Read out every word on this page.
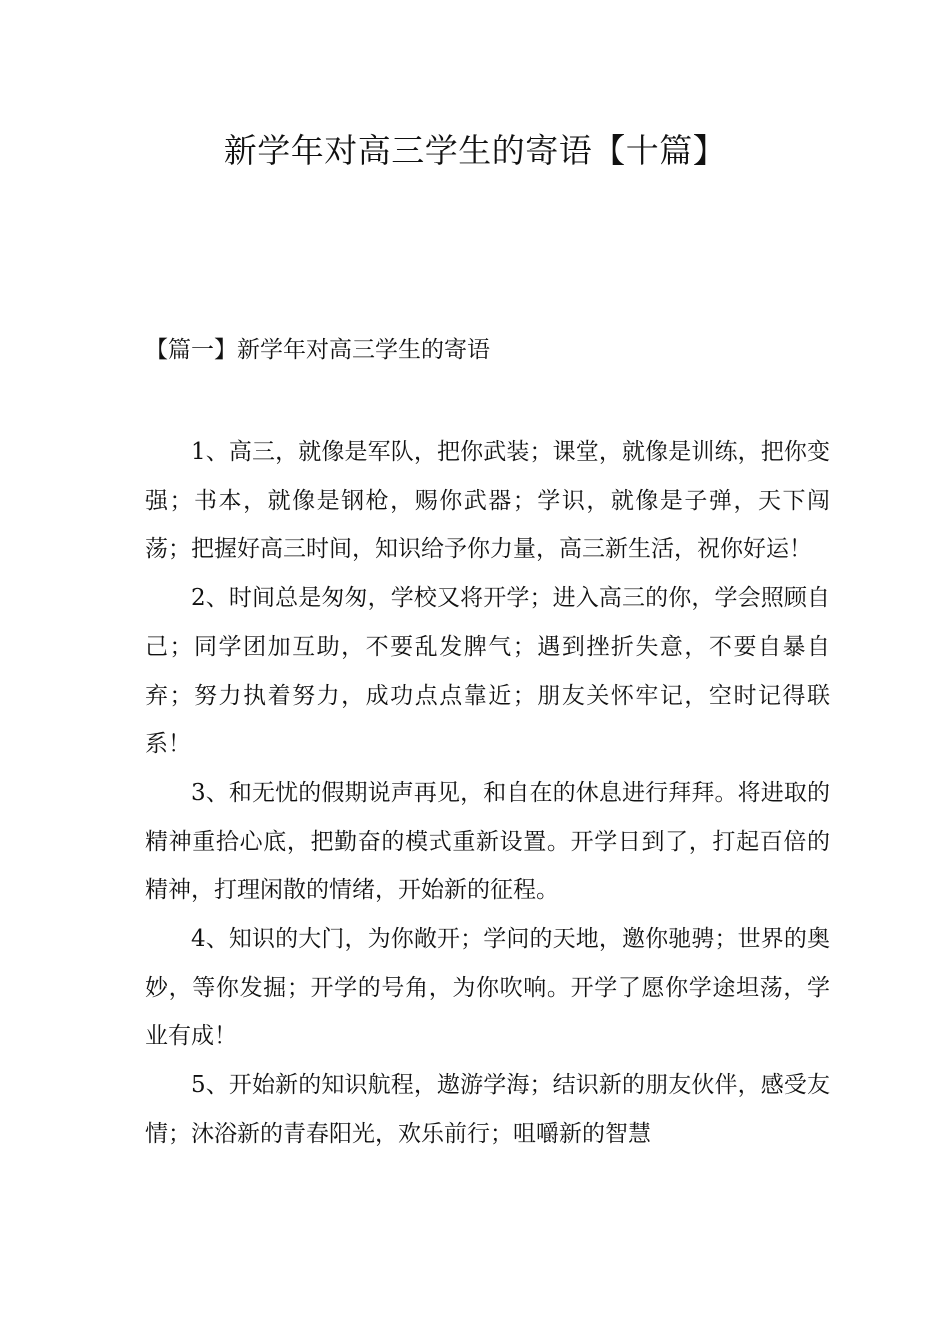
新学年对高三学生的寄语【十篇】
【篇一】新学年对高三学生的寄语

1、高三，就像是军队，把你武装；课堂，就像是训练，把你变强；书本，就像是钢枪，赐你武器；学识，就像是子弹，天下闯荡；把握好高三时间，知识给予你力量，高三新生活，祝你好运！

2、时间总是匆匆，学校又将开学；进入高三的你，学会照顾自己；同学团加互助，不要乱发脾气；遇到挫折失意，不要自暴自弃；努力执着努力，成功点点靠近；朋友关怀牢记，空时记得联系！

3、和无忧的假期说声再见，和自在的休息进行拜拜。将进取的精神重拾心底，把勤奋的模式重新设置。开学日到了，打起百倍的精神，打理闲散的情绪，开始新的征程。

4、知识的大门，为你敞开；学问的天地，邀你驰骋；世界的奥妙，等你发掘；开学的号角，为你吹响。开学了愿你学途坦荡，学业有成！

5、开始新的知识航程，遨游学海；结识新的朋友伙伴，感受友情；沐浴新的青春阳光，欢乐前行；咀嚼新的智慧
